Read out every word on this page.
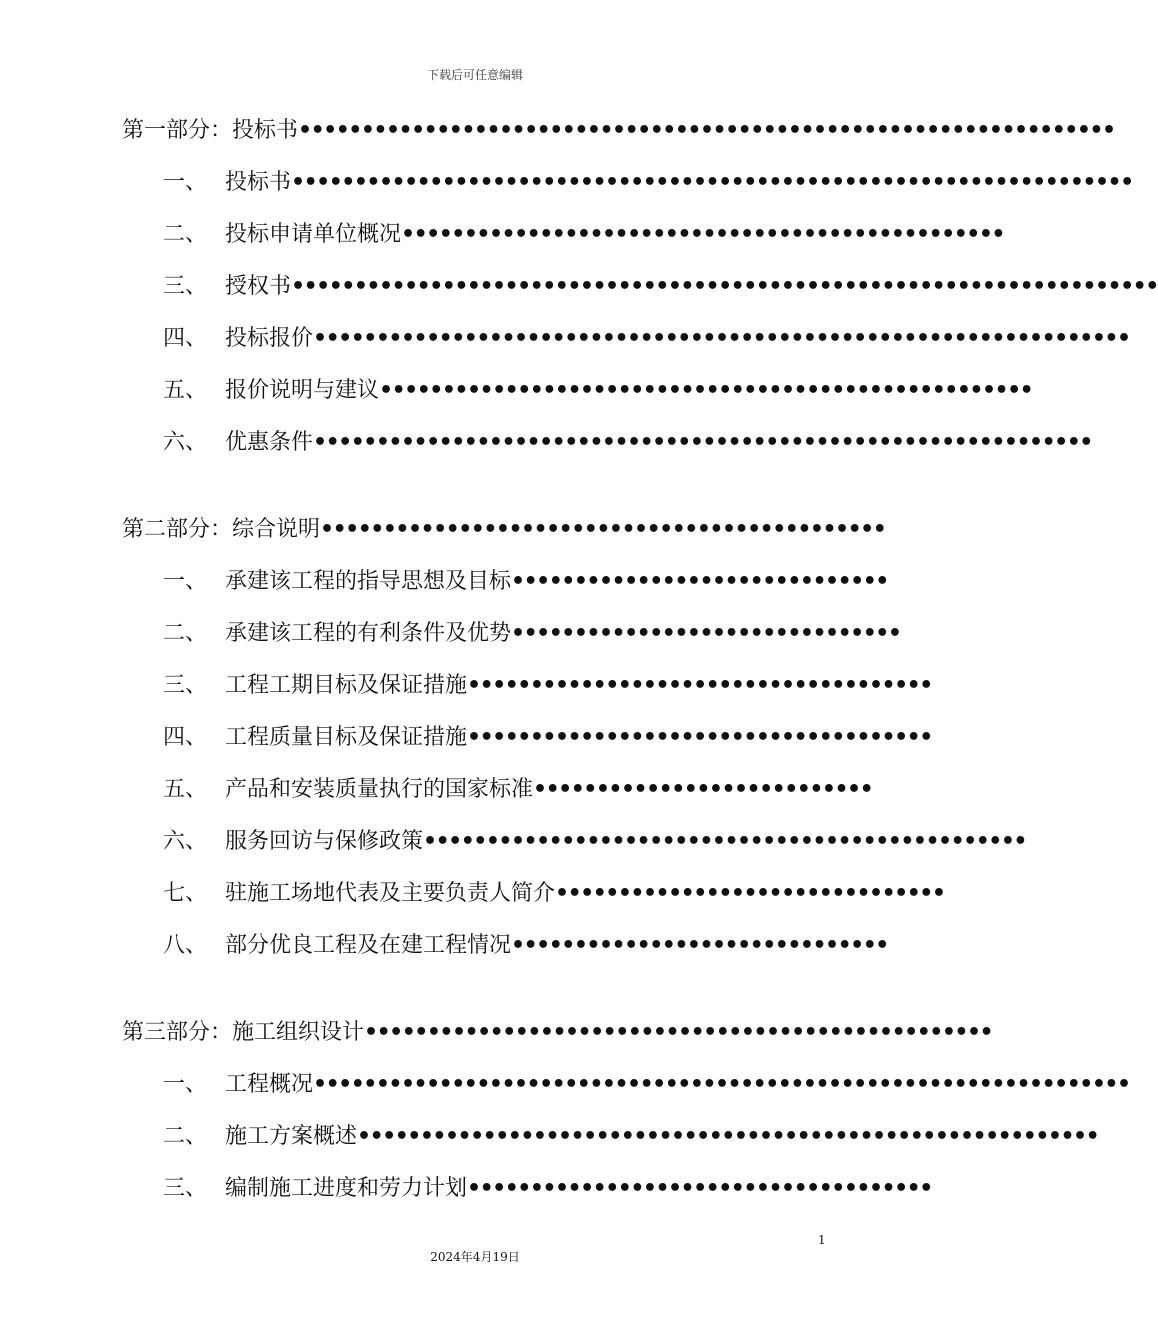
下载后可任意编辑
第一部分：投标书 •••••••••••••••••••••••••••••••••••••••••••••••••••••••••••••••••
一、 投标书 •••••••••••••••••••••••••••••••••••••••••••••••••••••••••••••••••••
二、 投标申请单位概况 ••••••••••••••••••••••••••••••••••••••••••••••••
三、 授权书 •••••••••••••••••••••••••••••••••••••••••••••••••••••••••••••••••••••
四、 投标报价 •••••••••••••••••••••••••••••••••••••••••••••••••••••••••••••••••
五、 报价说明与建议 ••••••••••••••••••••••••••••••••••••••••••••••••••••
六、 优惠条件 ••••••••••••••••••••••••••••••••••••••••••••••••••••••••••••••
第二部分：综合说明 •••••••••••••••••••••••••••••••••••••••••••••
一、 承建该工程的指导思想及目标 ••••••••••••••••••••••••••••••
二、 承建该工程的有利条件及优势 •••••••••••••••••••••••••••••••
三、 工程工期目标及保证措施 •••••••••••••••••••••••••••••••••••••
四、 工程质量目标及保证措施 •••••••••••••••••••••••••••••••••••••
五、 产品和安装质量执行的国家标准 •••••••••••••••••••••••••••
六、 服务回访与保修政策 ••••••••••••••••••••••••••••••••••••••••••••••••
七、 驻施工场地代表及主要负责人简介 •••••••••••••••••••••••••••••••
八、 部分优良工程及在建工程情况 ••••••••••••••••••••••••••••••
第三部分：施工组织设计 ••••••••••••••••••••••••••••••••••••••••••••••••••
一、 工程概况 •••••••••••••••••••••••••••••••••••••••••••••••••••••••••••••••••
二、 施工方案概述 •••••••••••••••••••••••••••••••••••••••••••••••••••••••••••
三、 编制施工进度和劳力计划 •••••••••••••••••••••••••••••••••••••
1
2024年4月19日
